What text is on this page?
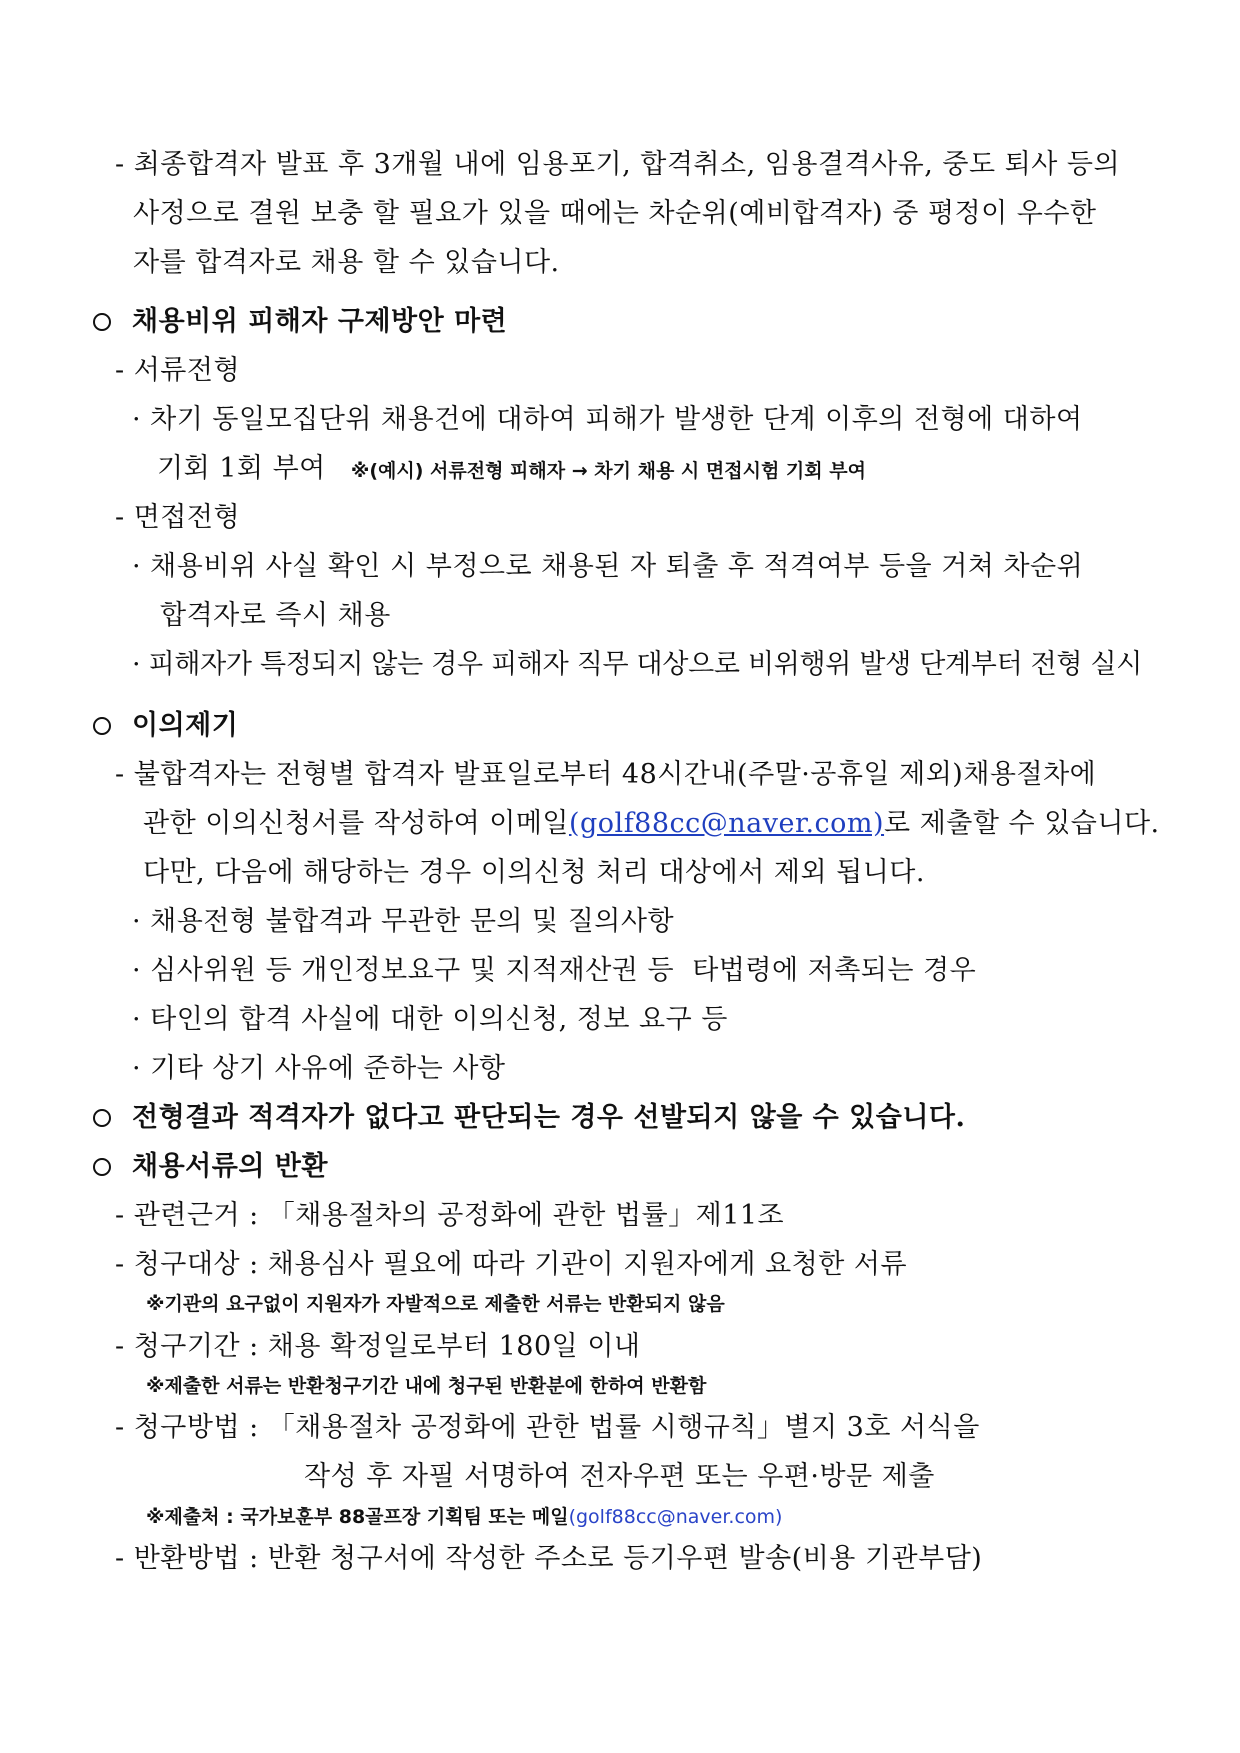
- 최종합격자 발표 후 3개월 내에 임용포기, 합격취소, 임용결격사유, 중도 퇴사 등의
사정으로 결원 보충 할 필요가 있을 때에는 차순위(예비합격자) 중 평정이 우수한
자를 합격자로 채용 할 수 있습니다.
채용비위 피해자 구제방안 마련
- 서류전형
· 차기 동일모집단위 채용건에 대하여 피해가 발생한 단계 이후의 전형에 대하여
기회 1회 부여 ※(예시) 서류전형 피해자 → 차기 채용 시 면접시험 기회 부여
- 면접전형
· 채용비위 사실 확인 시 부정으로 채용된 자 퇴출 후 적격여부 등을 거쳐 차순위
합격자로 즉시 채용
· 피해자가 특정되지 않는 경우 피해자 직무 대상으로 비위행위 발생 단계부터 전형 실시
이의제기
- 불합격자는 전형별 합격자 발표일로부터 48시간내(주말·공휴일 제외)채용절차에
관한 이의신청서를 작성하여 이메일(golf88cc@naver.com)로 제출할 수 있습니다.
다만, 다음에 해당하는 경우 이의신청 처리 대상에서 제외 됩니다.
· 채용전형 불합격과 무관한 문의 및 질의사항
· 심사위원 등 개인정보요구 및 지적재산권 등  타법령에 저촉되는 경우
· 타인의 합격 사실에 대한 이의신청, 정보 요구 등
· 기타 상기 사유에 준하는 사항
전형결과 적격자가 없다고 판단되는 경우 선발되지 않을 수 있습니다.
채용서류의 반환
- 관련근거 : 「채용절차의 공정화에 관한 법률」제11조
- 청구대상 : 채용심사 필요에 따라 기관이 지원자에게 요청한 서류
※기관의 요구없이 지원자가 자발적으로 제출한 서류는 반환되지 않음
- 청구기간 : 채용 확정일로부터 180일 이내
※제출한 서류는 반환청구기간 내에 청구된 반환분에 한하여 반환함
- 청구방법 : 「채용절차 공정화에 관한 법률 시행규칙」별지 3호 서식을
작성 후 자필 서명하여 전자우편 또는 우편·방문 제출
※제출처 : 국가보훈부 88골프장 기획팀 또는 메일(golf88cc@naver.com)
- 반환방법 : 반환 청구서에 작성한 주소로 등기우편 발송(비용 기관부담)
